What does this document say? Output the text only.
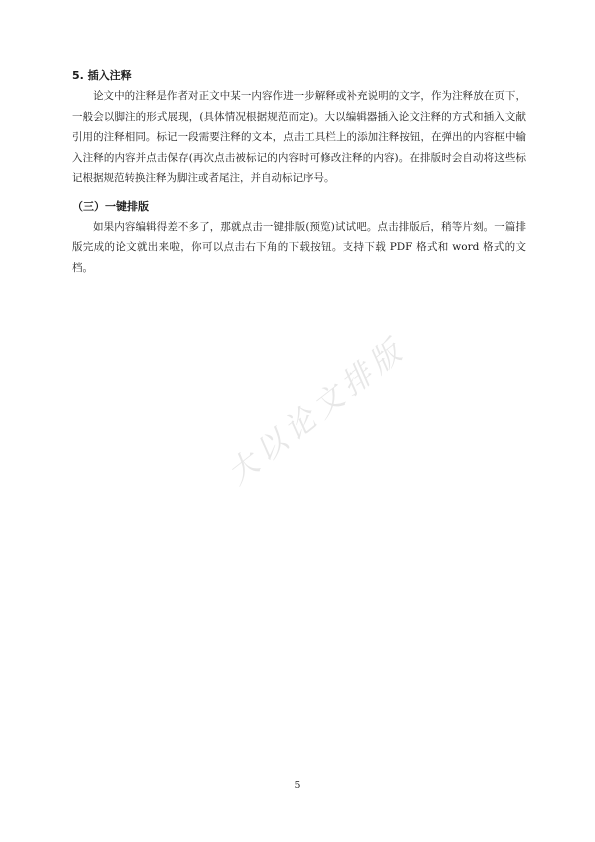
5. 插入注释

论文中的注释是作者对正文中某一内容作进一步解释或补充说明的文字，作为注释放在页下，一般会以脚注的形式展现，(具体情况根据规范而定)。大以编辑器插入论文注释的方式和插入文献引用的注释相同。标记一段需要注释的文本，点击工具栏上的添加注释按钮，在弹出的内容框中输入注释的内容并点击保存(再次点击被标记的内容时可修改注释的内容)。在排版时会自动将这些标记根据规范转换注释为脚注或者尾注，并自动标记序号。

（三）一键排版

如果内容编辑得差不多了，那就点击一键排版(预览)试试吧。点击排版后，稍等片刻。一篇排版完成的论文就出来啦，你可以点击右下角的下载按钮。支持下载 PDF 格式和 word 格式的文档。

大以论文排版
5
